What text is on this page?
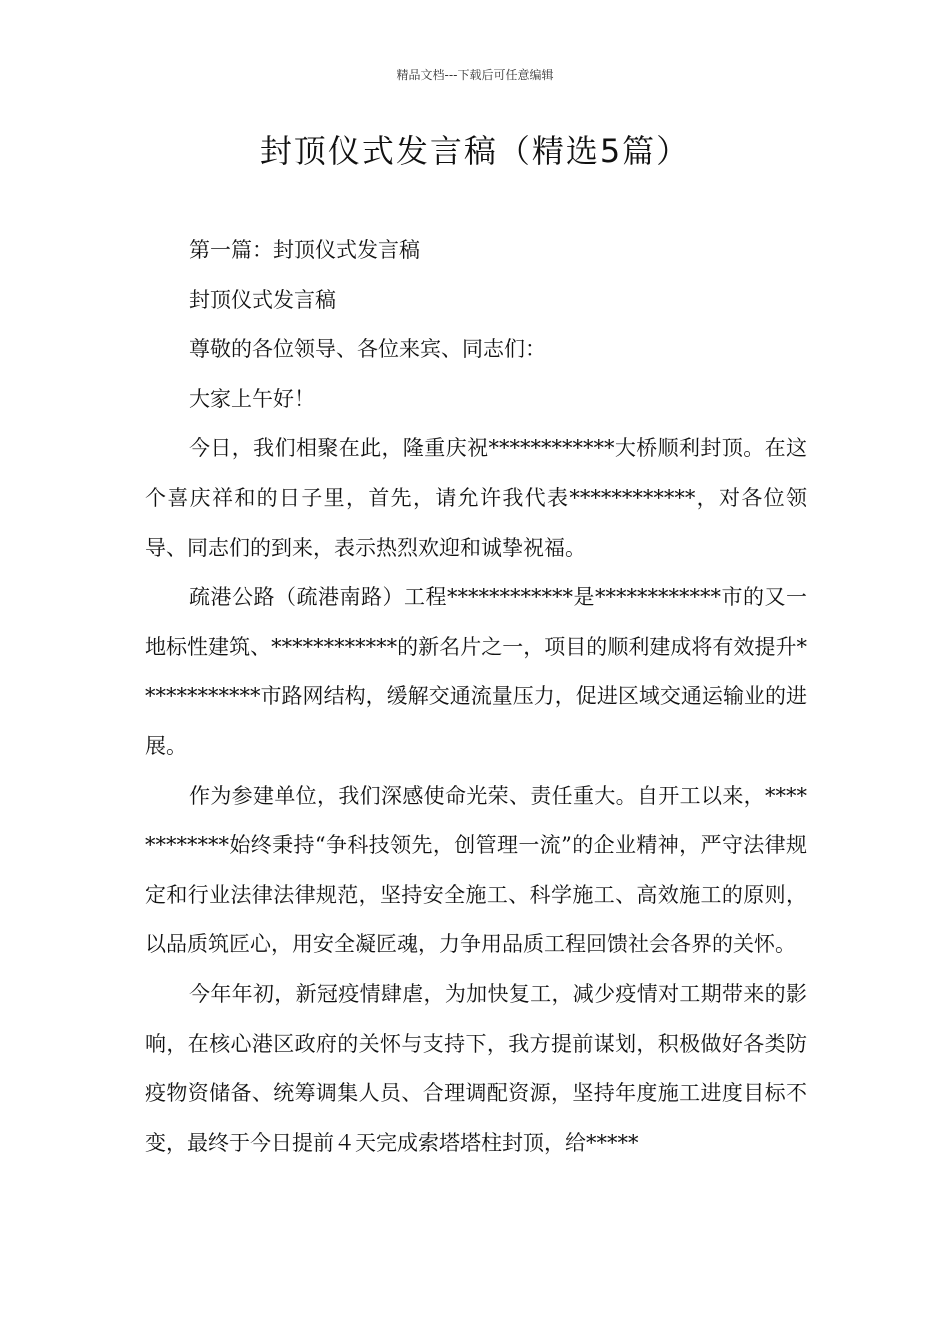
精品文档---下载后可任意编辑
封顶仪式发言稿（精选5篇）

第一篇：封顶仪式发言稿

封顶仪式发言稿

尊敬的各位领导、各位来宾、同志们：

大家上午好！

今日，我们相聚在此，隆重庆祝************大桥顺利封顶。在这个喜庆祥和的日子里，首先，请允许我代表************，对各位领导、同志们的到来，表示热烈欢迎和诚挚祝福。

疏港公路（疏港南路）工程************是************市的又一地标性建筑、************的新名片之一，项目的顺利建成将有效提升************市路网结构，缓解交通流量压力，促进区域交通运输业的进展。

作为参建单位，我们深感使命光荣、责任重大。自开工以来，************始终秉持“争科技领先，创管理一流”的企业精神，严守法律规定和行业法律法律规范，坚持安全施工、科学施工、高效施工的原则，以品质筑匠心，用安全凝匠魂，力争用品质工程回馈社会各界的关怀。

今年年初，新冠疫情肆虐，为加快复工，减少疫情对工期带来的影响，在核心港区政府的关怀与支持下，我方提前谋划，积极做好各类防疫物资储备、统筹调集人员、合理调配资源，坚持年度施工进度目标不变，最终于今日提前４天完成索塔塔柱封顶，给*****
